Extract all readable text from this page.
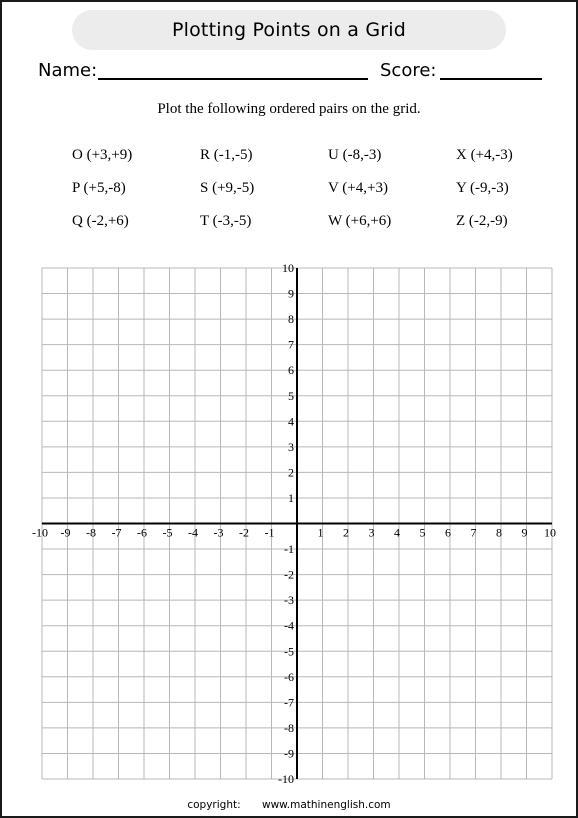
Plotting Points on a Grid
Name:	Score:
Plot the following ordered pairs on the grid.
O (+3,+9)	R (-1,-5)	U (-8,-3)	X (+4,-3)
P (+5,-8)	S (+9,-5)	V (+4,+3)	Y (-9,-3)
Q (-2,+6)	T (-3,-5)	W (+6,+6)	Z (-2,-9)
-10 -9 -8 -7 -6 -5 -4 -3 -2 -1	1 2 3 4 5 6 7 8 9 10
10
9
8
7
6
5
4
3
2
1
-1
-2
-3
-4
-5
-6
-7
-8
-9
-10
copyright: www.mathinenglish.com
